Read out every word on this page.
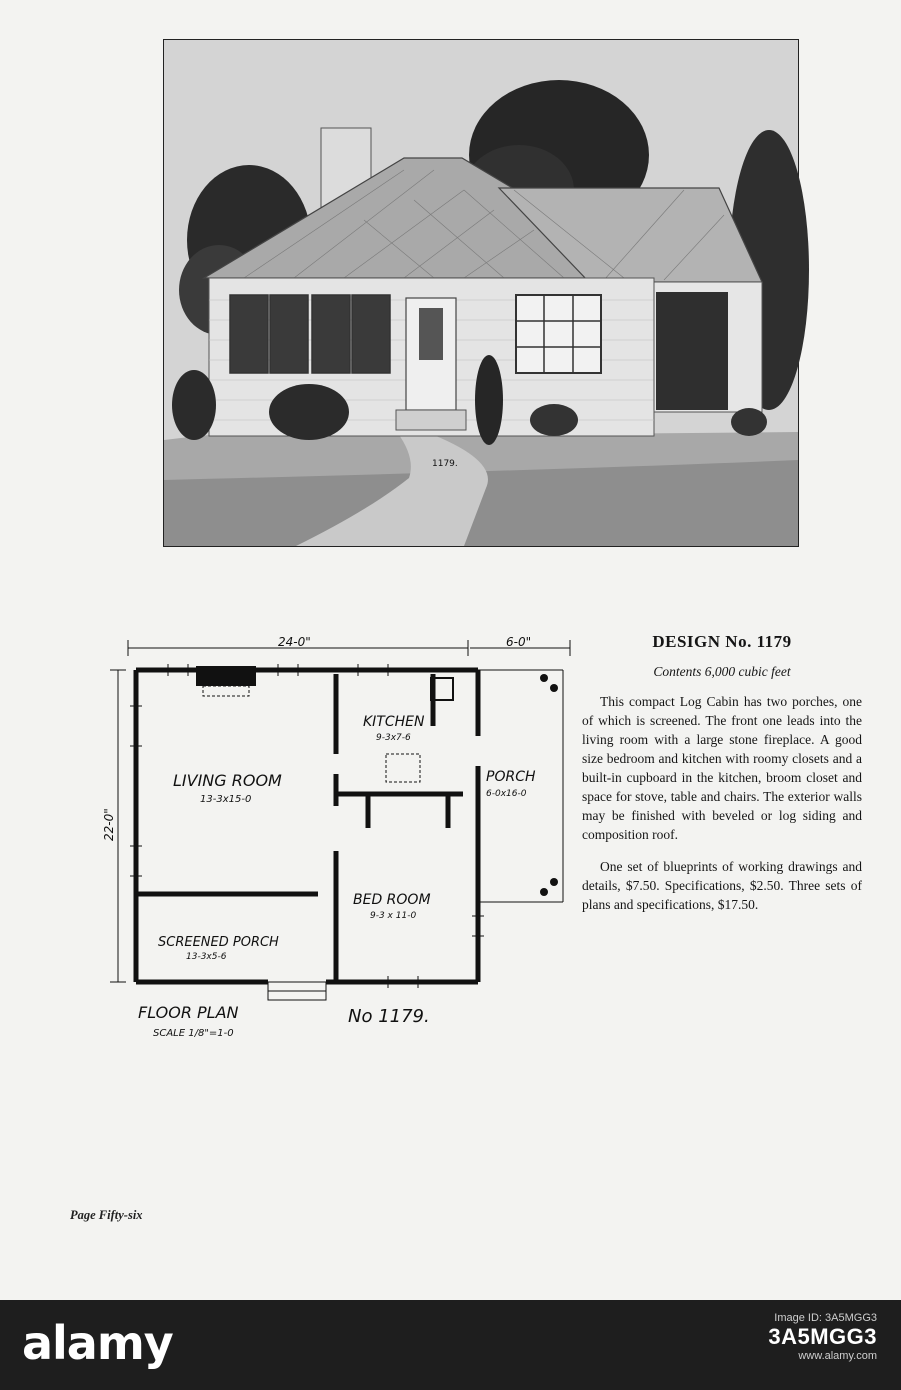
1179.
24-0"	6-0"
22-0"
KITCHEN
9-3x7-6
LIVING ROOM
13-3x15-0
PORCH
6-0x16-0
BED ROOM
9-3 x 11-0
SCREENED PORCH
13-3x5-6
FLOOR PLAN
SCALE 1/8"=1-0
No 1179.
DESIGN No. 1179
Contents 6,000 cubic feet

This compact Log Cabin has two porches, one of which is screened. The front one leads into the living room with a large stone fireplace. A good size bedroom and kitchen with roomy closets and a built-in cupboard in the kitchen, broom closet and space for stove, table and chairs. The exterior walls may be finished with beveled or log siding and composition roof.

One set of blueprints of working drawings and details, $7.50. Specifications, $2.50. Three sets of plans and specifications, $17.50.

Page Fifty-six
alamy	Image ID: 3A5MGG3
3A5MGG3
www.alamy.com
